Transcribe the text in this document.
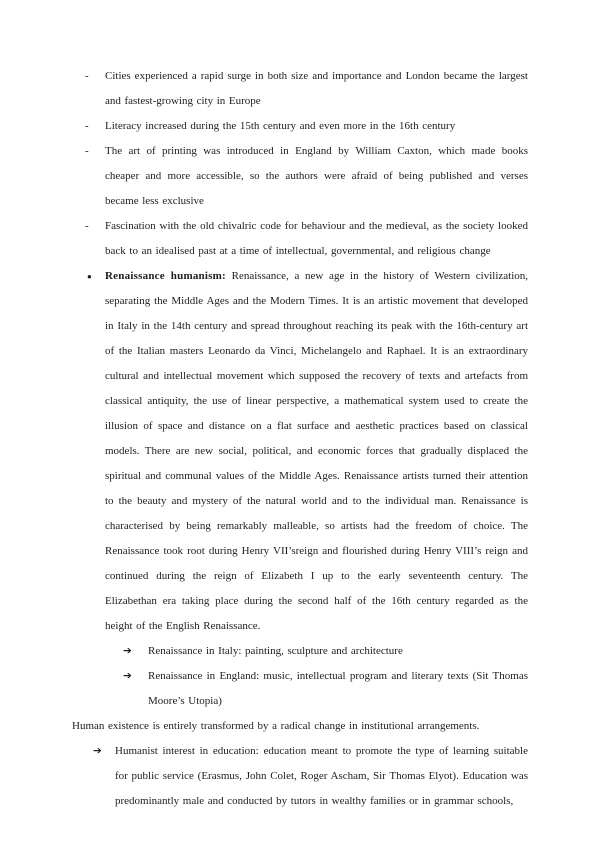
- Cities experienced a rapid surge in both size and importance and London became the largest and fastest-growing city in Europe
- Literacy increased during the 15th century and even more in the 16th century
- The art of printing was introduced in England by William Caxton, which made books cheaper and more accessible, so the authors were afraid of being published and verses became less exclusive
- Fascination with the old chivalric code for behaviour and the medieval, as the society looked back to an idealised past at a time of intellectual, governmental, and religious change
● Renaissance humanism: Renaissance, a new age in the history of Western civilization, separating the Middle Ages and the Modern Times. It is an artistic movement that developed in Italy in the 14th century and spread throughout reaching its peak with the 16th-century art of the Italian masters Leonardo da Vinci, Michelangelo and Raphael. It is an extraordinary cultural and intellectual movement which supposed the recovery of texts and artefacts from classical antiquity, the use of linear perspective, a mathematical system used to create the illusion of space and distance on a flat surface and aesthetic practices based on classical models. There are new social, political, and economic forces that gradually displaced the spiritual and communal values of the Middle Ages. Renaissance artists turned their attention to the beauty and mystery of the natural world and to the individual man. Renaissance is characterised by being remarkably malleable, so artists had the freedom of choice. The Renaissance took root during Henry VII’sreign and flourished during Henry VIII’s reign and continued during the reign of Elizabeth I up to the early seventeenth century. The Elizabethan era taking place during the second half of the 16th century regarded as the height of the English Renaissance.
➔ Renaissance in Italy: painting, sculpture and architecture
➔ Renaissance in England: music, intellectual program and literary texts (Sit Thomas Moore’s Utopia)
Human existence is entirely transformed by a radical change in institutional arrangements.
➔ Humanist interest in education: education meant to promote the type of learning suitable for public service (Erasmus, John Colet, Roger Ascham, Sir Thomas Elyot). Education was predominantly male and conducted by tutors in wealthy families or in grammar schools,
